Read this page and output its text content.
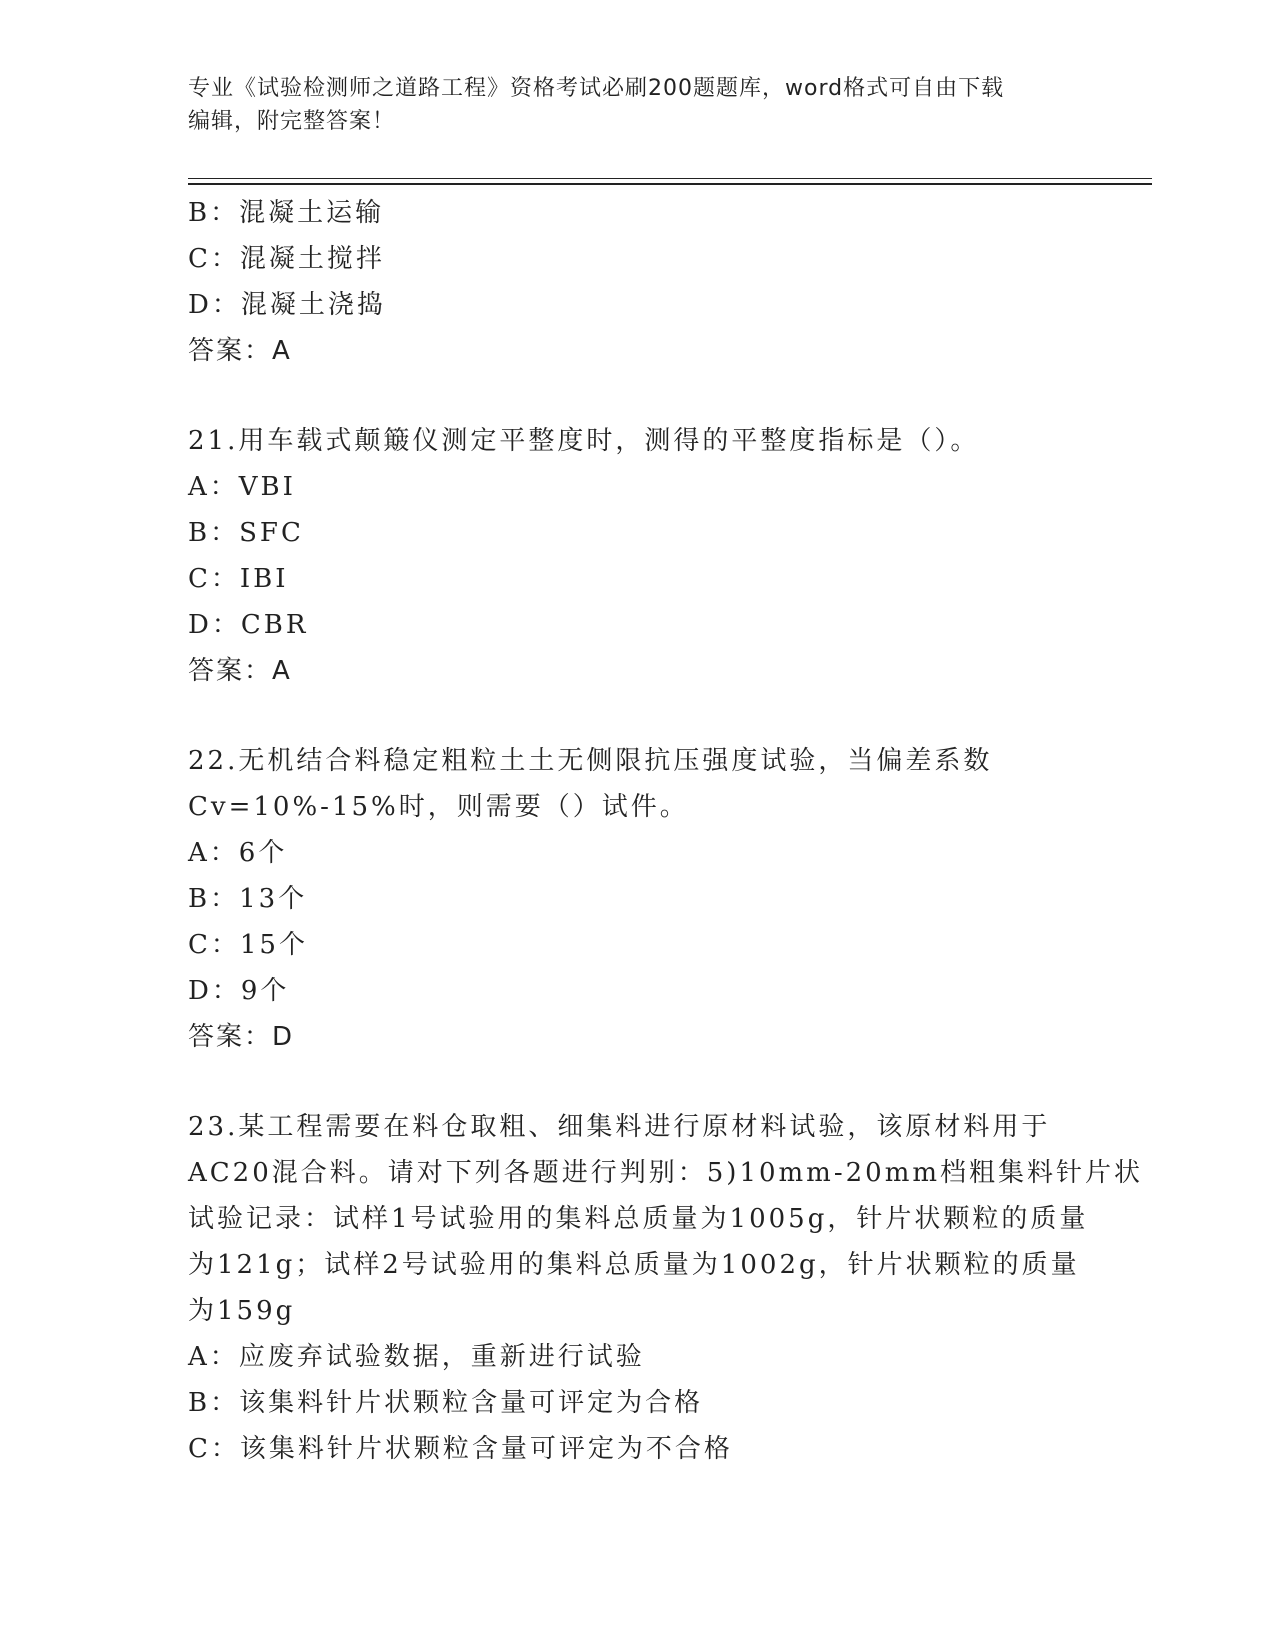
专业《试验检测师之道路工程》资格考试必刷200题题库，word格式可自由下载
编辑，附完整答案！
B：混凝土运输
C：混凝土搅拌
D：混凝土浇捣
答案：A
21.用车载式颠簸仪测定平整度时，测得的平整度指标是（）。
A：VBI
B：SFC
C：IBI
D：CBR
答案：A
22.无机结合料稳定粗粒土土无侧限抗压强度试验，当偏差系数
Cv=10%-15%时，则需要（）试件。
A：6个
B：13个
C：15个
D：9个
答案：D
23.某工程需要在料仓取粗、细集料进行原材料试验，该原材料用于
AC20混合料。请对下列各题进行判别：5)10mm-20mm档粗集料针片状
试验记录：试样1号试验用的集料总质量为1005g，针片状颗粒的质量
为121g；试样2号试验用的集料总质量为1002g，针片状颗粒的质量
为159g
A：应废弃试验数据，重新进行试验
B：该集料针片状颗粒含量可评定为合格
C：该集料针片状颗粒含量可评定为不合格
